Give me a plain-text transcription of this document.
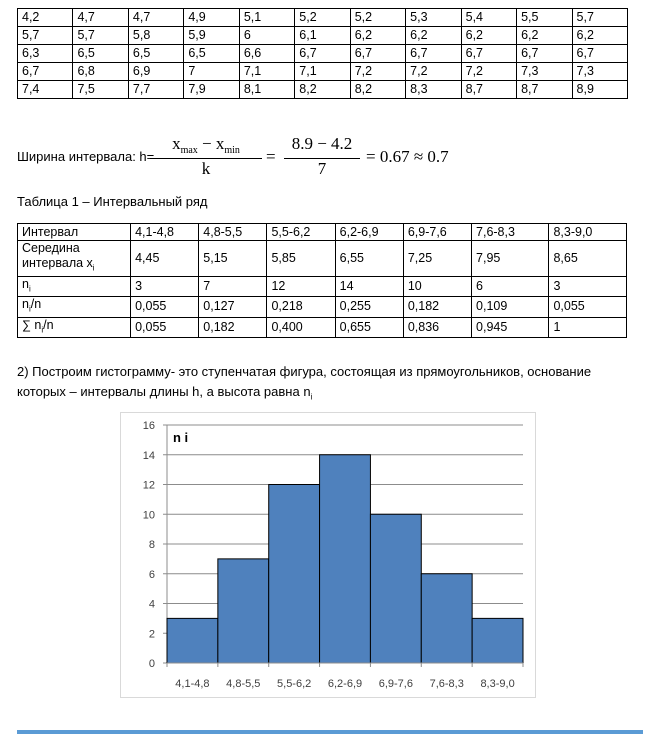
4,2	4,7	4,7	4,9	5,1	5,2	5,2	5,3	5,4	5,5	5,7
5,7	5,7	5,8	5,9	6	6,1	6,2	6,2	6,2	6,2	6,2
6,3	6,5	6,5	6,5	6,6	6,7	6,7	6,7	6,7	6,7	6,7
6,7	6,8	6,9	7	7,1	7,1	7,2	7,2	7,2	7,3	7,3
7,4	7,5	7,7	7,9	8,1	8,2	8,2	8,3	8,7	8,7	8,9
Ширина интервала: h=
$x_{max} - x_{min}$
k
=
8.9 − 4.2
7
= 0.67 ≈ 0.7
Таблица 1 – Интервальный ряд
Интервал	4,1-4,8	4,8-5,5	5,5-6,2	6,2-6,9	6,9-7,6	7,6-8,3	8,3-9,0
Середина
интервала $x_i$	4,45	5,15	5,85	6,55	7,25	7,95	8,65
$n_i$	3	7	12	14	10	6	3
$n_i/n$	0,055	0,127	0,218	0,255	0,182	0,109	0,055
∑ $n_i/n$	0,055	0,182	0,400	0,655	0,836	0,945	1
2) Построим гистограмму- это ступенчатая фигура, состоящая из прямоугольников, основание которых – интервалы длины h, а высота равна $n_i$
0
2
4
6
8
10
12
14
16
4,1-4,8 4,8-5,5 5,5-6,2 6,2-6,9 6,9-7,6 7,6-8,3 8,3-9,0
n i
